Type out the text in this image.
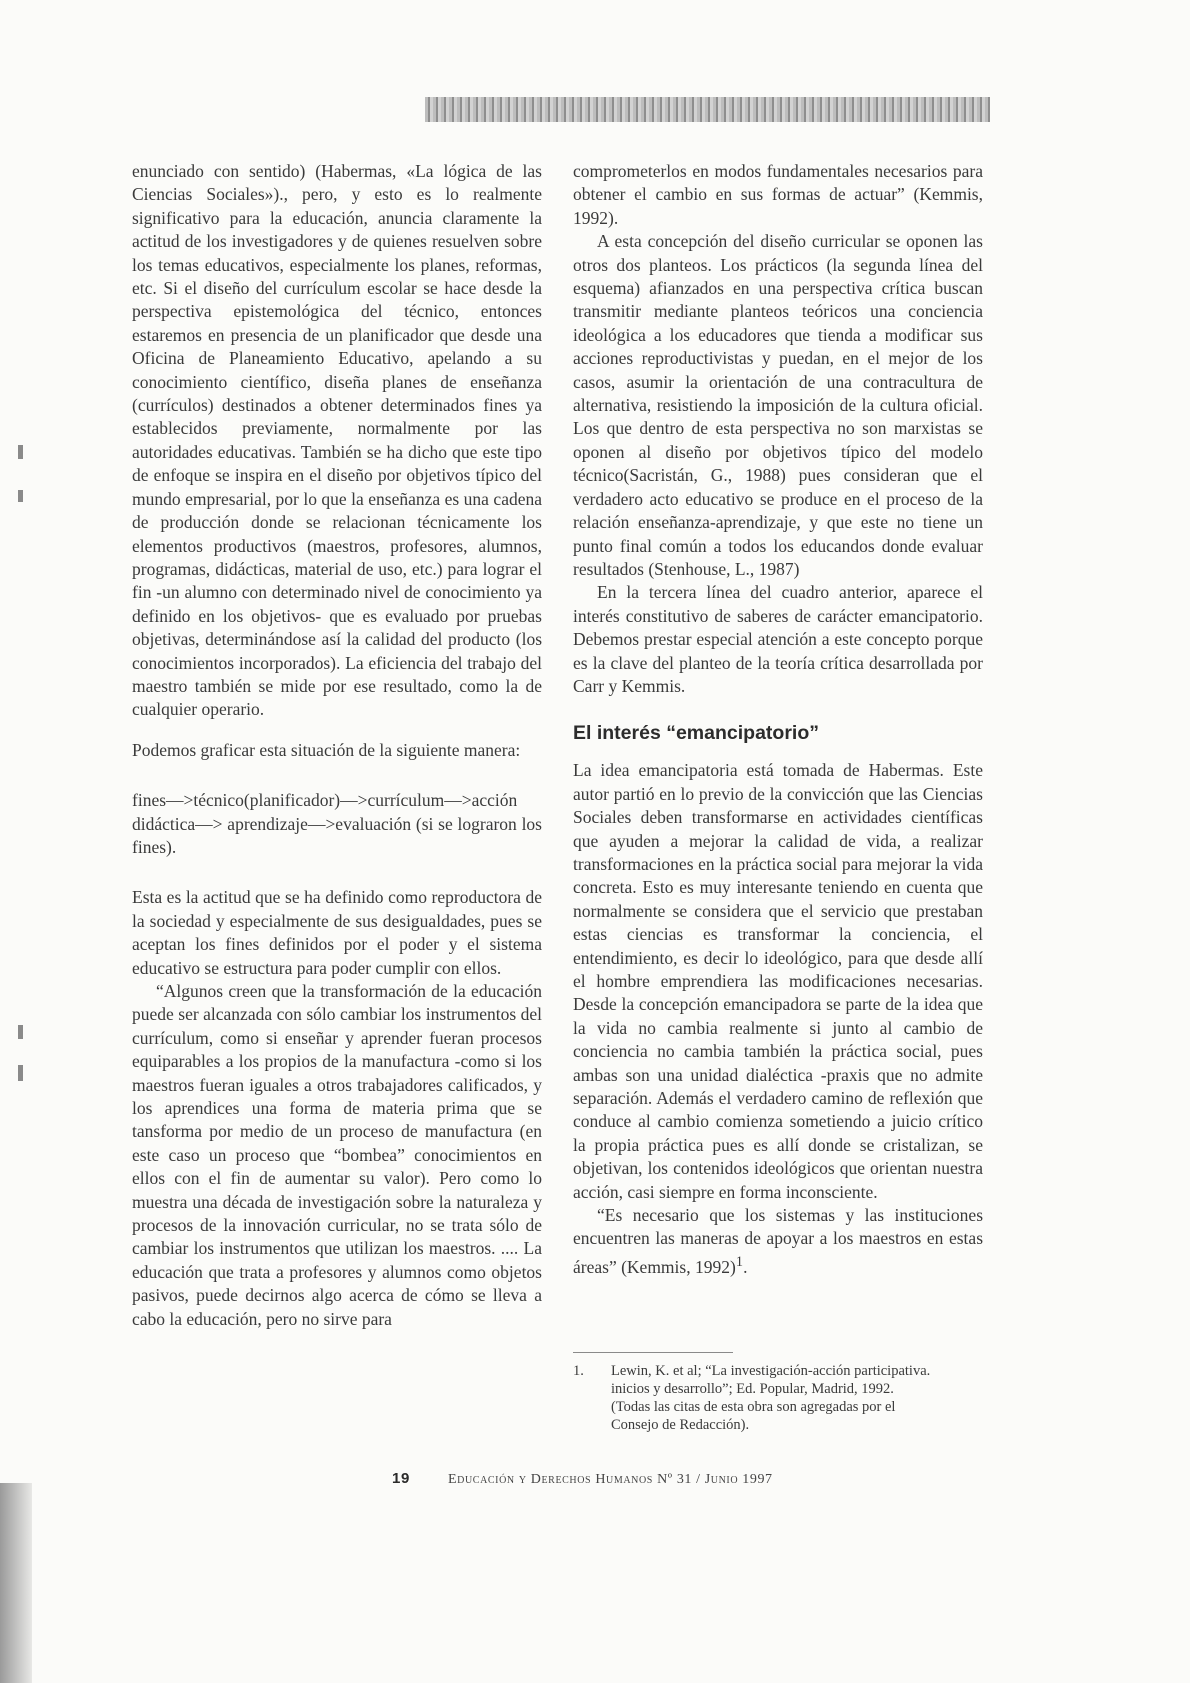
enunciado con sentido) (Habermas, «La lógica de las Ciencias Sociales»)., pero, y esto es lo realmente significativo para la educación, anuncia claramente la actitud de los investigadores y de quienes resuelven sobre los temas educativos, especialmente los planes, reformas, etc. Si el diseño del currículum escolar se hace desde la perspectiva epistemológica del técnico, entonces estaremos en presencia de un planificador que desde una Oficina de Planeamiento Educativo, apelando a su conocimiento científico, diseña planes de enseñanza (currículos) destinados a obtener determinados fines ya establecidos previamente, normalmente por las autoridades educativas. También se ha dicho que este tipo de enfoque se inspira en el diseño por objetivos típico del mundo empresarial, por lo que la enseñanza es una cadena de producción donde se relacionan técnicamente los elementos productivos (maestros, profesores, alumnos, programas, didácticas, material de uso, etc.) para lograr el fin -un alumno con determinado nivel de conocimiento ya definido en los objetivos- que es evaluado por pruebas objetivas, determinándose así la calidad del producto (los conocimientos incorporados). La eficiencia del trabajo del maestro también se mide por ese resultado, como la de cualquier operario.

Podemos graficar esta situación de la siguiente manera:

fines—>técnico(planificador)—>currículum—>acción didáctica—> aprendizaje—>evaluación (si se lograron los fines).

Esta es la actitud que se ha definido como reproductora de la sociedad y especialmente de sus desigualdades, pues se aceptan los fines definidos por el poder y el sistema educativo se estructura para poder cumplir con ellos.

“Algunos creen que la transformación de la educación puede ser alcanzada con sólo cambiar los instrumentos del currículum, como si enseñar y aprender fueran procesos equiparables a los propios de la manufactura -como si los maestros fueran iguales a otros trabajadores calificados, y los aprendices una forma de materia prima que se tansforma por medio de un proceso de manufactura (en este caso un proceso que “bombea” conocimientos en ellos con el fin de aumentar su valor). Pero como lo muestra una década de investigación sobre la naturaleza y procesos de la innovación curricular, no se trata sólo de cambiar los instrumentos que utilizan los maestros. .... La educación que trata a profesores y alumnos como objetos pasivos, puede decirnos algo acerca de cómo se lleva a cabo la educación, pero no sirve para

comprometerlos en modos fundamentales necesarios para obtener el cambio en sus formas de actuar” (Kemmis, 1992).

A esta concepción del diseño curricular se oponen las otros dos planteos. Los prácticos (la segunda línea del esquema) afianzados en una perspectiva crítica buscan transmitir mediante planteos teóricos una conciencia ideológica a los educadores que tienda a modificar sus acciones reproductivistas y puedan, en el mejor de los casos, asumir la orientación de una contracultura de alternativa, resistiendo la imposición de la cultura oficial. Los que dentro de esta perspectiva no son marxistas se oponen al diseño por objetivos típico del modelo técnico(Sacristán, G., 1988) pues consideran que el verdadero acto educativo se produce en el proceso de la relación enseñanza-aprendizaje, y que este no tiene un punto final común a todos los educandos donde evaluar resultados (Stenhouse, L., 1987)

En la tercera línea del cuadro anterior, aparece el interés constitutivo de saberes de carácter emancipatorio. Debemos prestar especial atención a este concepto porque es la clave del planteo de la teoría crítica desarrollada por Carr y Kemmis.

El interés “emancipatorio”

La idea emancipatoria está tomada de Habermas. Este autor partió en lo previo de la convicción que las Ciencias Sociales deben transformarse en actividades científicas que ayuden a mejorar la calidad de vida, a realizar transformaciones en la práctica social para mejorar la vida concreta. Esto es muy interesante teniendo en cuenta que normalmente se considera que el servicio que prestaban estas ciencias es transformar la conciencia, el entendimiento, es decir lo ideológico, para que desde allí el hombre emprendiera las modificaciones necesarias. Desde la concepción emancipadora se parte de la idea que la vida no cambia realmente si junto al cambio de conciencia no cambia también la práctica social, pues ambas son una unidad dialéctica -praxis que no admite separación. Además el verdadero camino de reflexión que conduce al cambio comienza sometiendo a juicio crítico la propia práctica pues es allí donde se cristalizan, se objetivan, los contenidos ideológicos que orientan nuestra acción, casi siempre en forma inconsciente.

“Es necesario que los sistemas y las instituciones encuentren las maneras de apoyar a los maestros en estas áreas” (Kemmis, 1992)$^1$.

1.	Lewin, K. et al; “La investigación-acción participativa. inicios y desarrollo”; Ed. Popular, Madrid, 1992. (Todas las citas de esta obra son agregadas por el Consejo de Redacción).
19	Educación y Derechos Humanos Nº 31 / Junio 1997
